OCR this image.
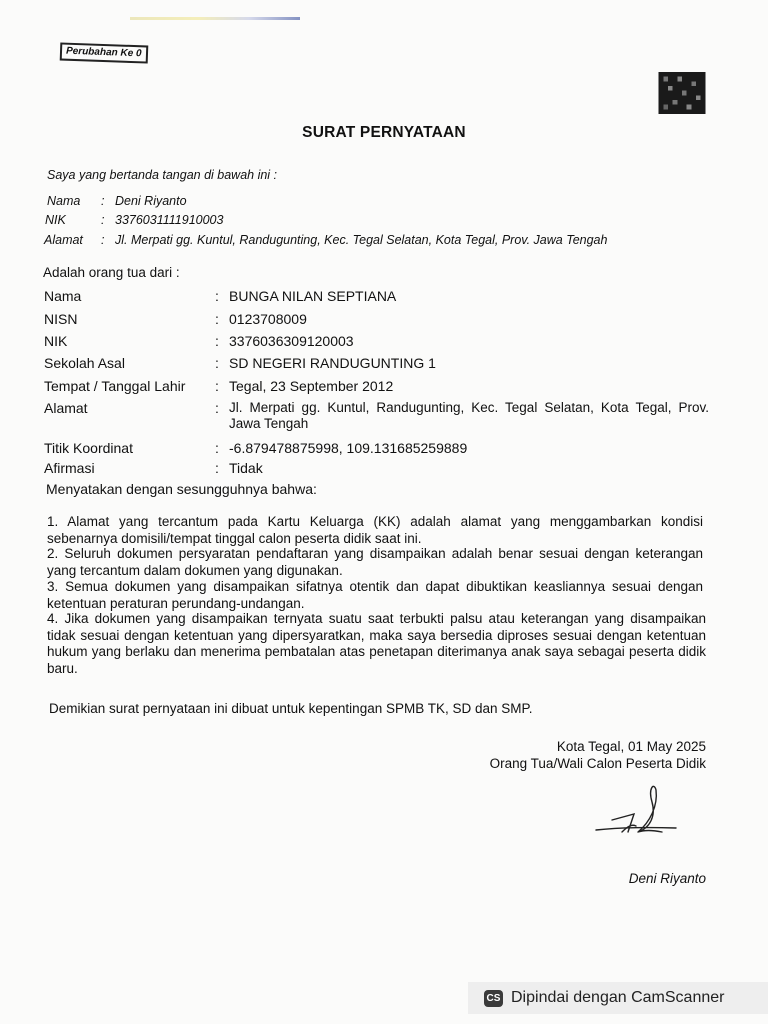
Perubahan Ke 0
SURAT PERNYATAAN
Saya yang bertanda tangan di bawah ini :
Nama : Deni Riyanto
NIK	: 3376031111910003
Alamat : Jl. Merpati gg. Kuntul, Randugunting, Kec. Tegal Selatan, Kota Tegal, Prov. Jawa Tengah
Adalah orang tua dari :
Nama	: BUNGA NILAN SEPTIANA
NISN	: 0123708009
NIK	: 3376036309120003
Sekolah Asal	: SD NEGERI RANDUGUNTING 1
Tempat / Tanggal Lahir : Tegal, 23 September 2012
Alamat	: Jl. Merpati gg. Kuntul, Randugunting, Kec. Tegal Selatan, Kota Tegal, Prov. Jawa Tengah
Titik Koordinat	: -6.879478875998, 109.131685259889
Afirmasi	: Tidak
Menyatakan dengan sesungguhnya bahwa:
1. Alamat yang tercantum pada Kartu Keluarga (KK) adalah alamat yang menggambarkan kondisi sebenarnya domisili/tempat tinggal calon peserta didik saat ini.
2. Seluruh dokumen persyaratan pendaftaran yang disampaikan adalah benar sesuai dengan keterangan yang tercantum dalam dokumen yang digunakan.
3. Semua dokumen yang disampaikan sifatnya otentik dan dapat dibuktikan keasliannya sesuai dengan ketentuan peraturan perundang-undangan.
4. Jika dokumen yang disampaikan ternyata suatu saat terbukti palsu atau keterangan yang disampaikan tidak sesuai dengan ketentuan yang dipersyaratkan, maka saya bersedia diproses sesuai dengan ketentuan hukum yang berlaku dan menerima pembatalan atas penetapan diterimanya anak saya sebagai peserta didik baru.
Demikian surat pernyataan ini dibuat untuk kepentingan SPMB TK, SD dan SMP.
Kota Tegal, 01 May 2025
Orang Tua/Wali Calon Peserta Didik
Deni Riyanto
CS Dipindai dengan CamScanner
